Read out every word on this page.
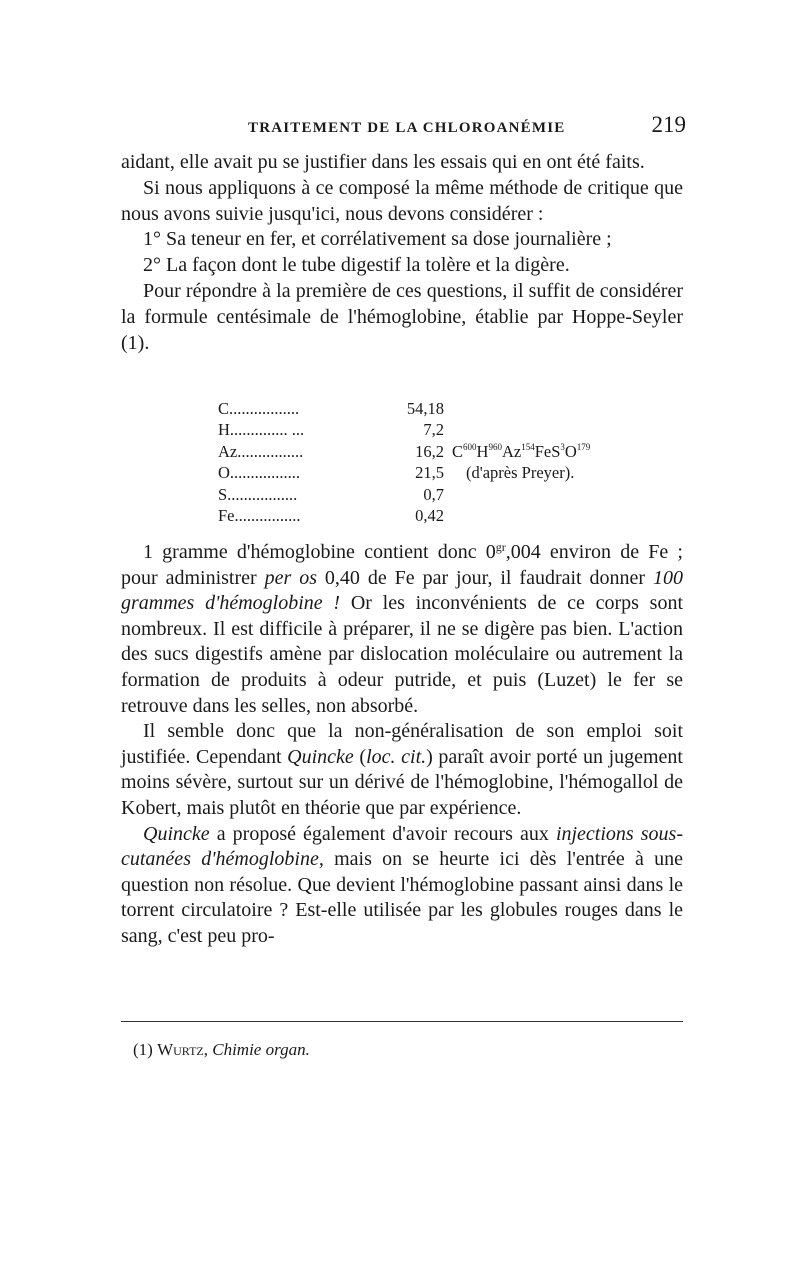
TRAITEMENT DE LA CHLOROANÉMIE	219

aidant, elle avait pu se justifier dans les essais qui en ont été faits.

Si nous appliquons à ce composé la même méthode de critique que nous avons suivie jusqu'ici, nous devons considérer :

1° Sa teneur en fer, et corrélativement sa dose journalière ;

2° La façon dont le tube digestif la tolère et la digère.

Pour répondre à la première de ces questions, il suffit de considérer la formule centésimale de l'hémoglobine, établie par Hoppe-Seyler (1).

C.................	54,18
H.............. ...	7,2
Az................	16,2 $C^{600}H^{960}Az^{154}FeS^3O^{179}$
O.................	21,5 (d'après Preyer).
S.................	0,7
Fe................	0,42

1 gramme d'hémoglobine contient donc $0^{gr},004$ environ de Fe ; pour administrer per os 0,40 de Fe par jour, il faudrait donner 100 grammes d'hémoglobine ! Or les inconvénients de ce corps sont nombreux. Il est difficile à préparer, il ne se digère pas bien. L'action des sucs digestifs amène par dislocation moléculaire ou autrement la formation de produits à odeur putride, et puis (Luzet) le fer se retrouve dans les selles, non absorbé.

Il semble donc que la non-généralisation de son emploi soit justifiée. Cependant Quincke (loc. cit.) paraît avoir porté un jugement moins sévère, surtout sur un dérivé de l'hémoglobine, l'hémogallol de Kobert, mais plutôt en théorie que par expérience.

Quincke a proposé également d'avoir recours aux injections sous-cutanées d'hémoglobine, mais on se heurte ici dès l'entrée à une question non résolue. Que devient l'hémoglobine passant ainsi dans le torrent circulatoire ? Est-elle utilisée par les globules rouges dans le sang, c'est peu pro-

(1) Wurtz, Chimie organ.
